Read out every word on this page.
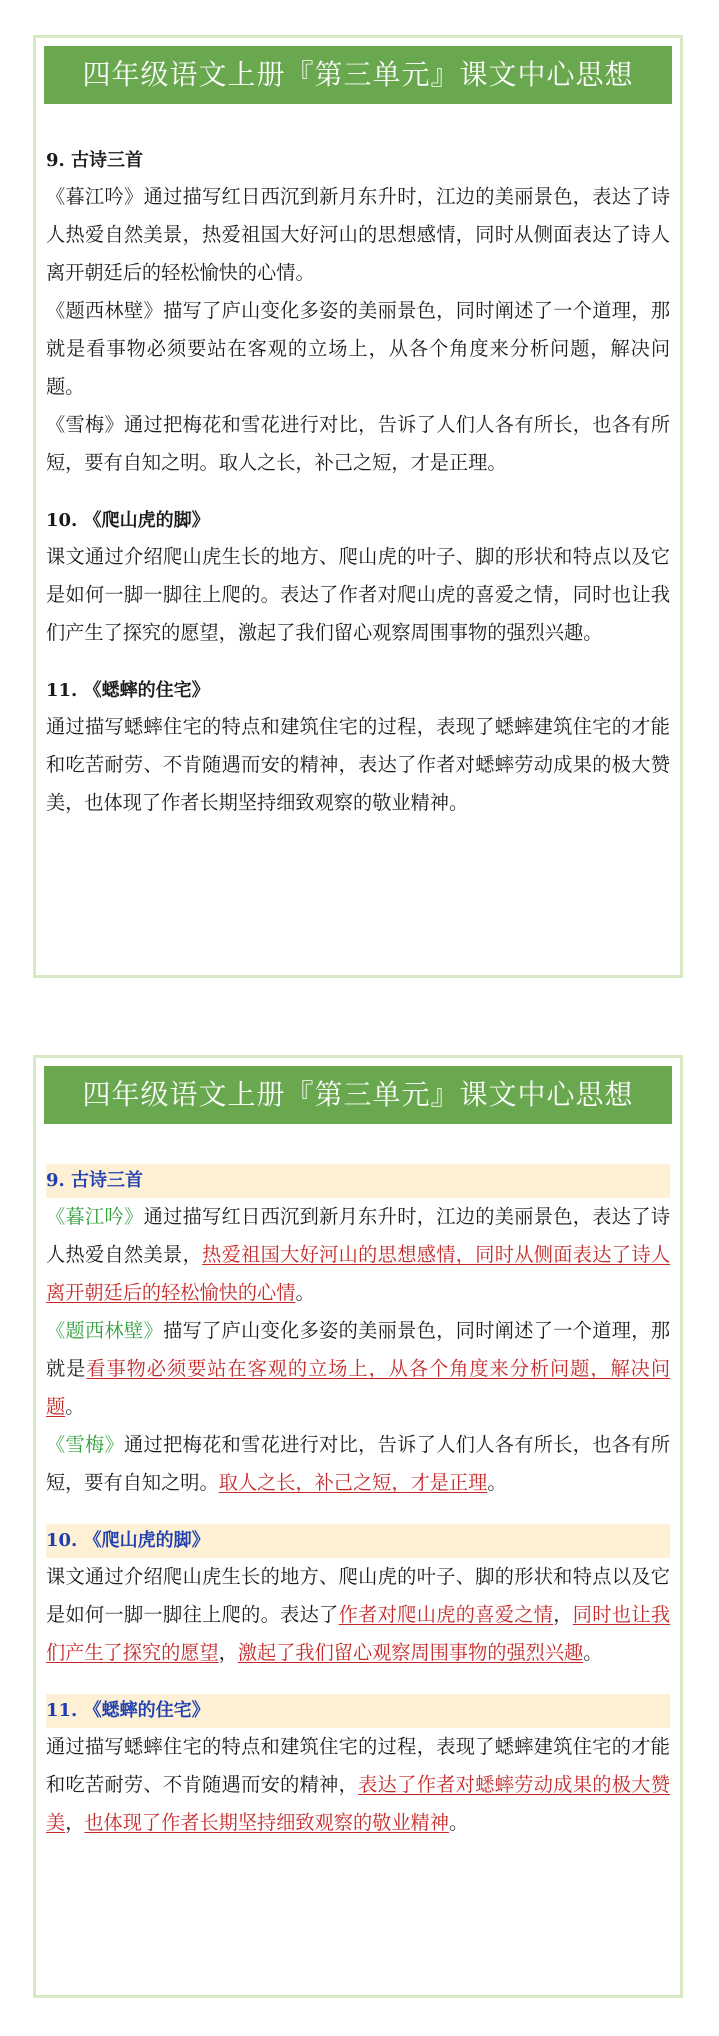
四年级语文上册『第三单元』课文中心思想
9. 古诗三首
《暮江吟》通过描写红日西沉到新月东升时，江边的美丽景色，表达了诗人热爱自然美景，热爱祖国大好河山的思想感情，同时从侧面表达了诗人离开朝廷后的轻松愉快的心情。
《题西林壁》描写了庐山变化多姿的美丽景色，同时阐述了一个道理，那就是看事物必须要站在客观的立场上，从各个角度来分析问题，解决问题。
《雪梅》通过把梅花和雪花进行对比，告诉了人们人各有所长，也各有所短，要有自知之明。取人之长，补己之短，才是正理。
10. 《爬山虎的脚》
课文通过介绍爬山虎生长的地方、爬山虎的叶子、脚的形状和特点以及它是如何一脚一脚往上爬的。表达了作者对爬山虎的喜爱之情，同时也让我们产生了探究的愿望，激起了我们留心观察周围事物的强烈兴趣。
11. 《蟋蟀的住宅》
通过描写蟋蟀住宅的特点和建筑住宅的过程，表现了蟋蟀建筑住宅的才能和吃苦耐劳、不肯随遇而安的精神，表达了作者对蟋蟀劳动成果的极大赞美，也体现了作者长期坚持细致观察的敬业精神。
四年级语文上册『第三单元』课文中心思想
9. 古诗三首
《暮江吟》通过描写红日西沉到新月东升时，江边的美丽景色，表达了诗人热爱自然美景，热爱祖国大好河山的思想感情，同时从侧面表达了诗人离开朝廷后的轻松愉快的心情。
《题西林壁》描写了庐山变化多姿的美丽景色，同时阐述了一个道理，那就是看事物必须要站在客观的立场上，从各个角度来分析问题，解决问题。
《雪梅》通过把梅花和雪花进行对比，告诉了人们人各有所长，也各有所短，要有自知之明。取人之长，补己之短，才是正理。
10. 《爬山虎的脚》
课文通过介绍爬山虎生长的地方、爬山虎的叶子、脚的形状和特点以及它是如何一脚一脚往上爬的。表达了作者对爬山虎的喜爱之情，同时也让我们产生了探究的愿望，激起了我们留心观察周围事物的强烈兴趣。
11. 《蟋蟀的住宅》
通过描写蟋蟀住宅的特点和建筑住宅的过程，表现了蟋蟀建筑住宅的才能和吃苦耐劳、不肯随遇而安的精神，表达了作者对蟋蟀劳动成果的极大赞美，也体现了作者长期坚持细致观察的敬业精神。
